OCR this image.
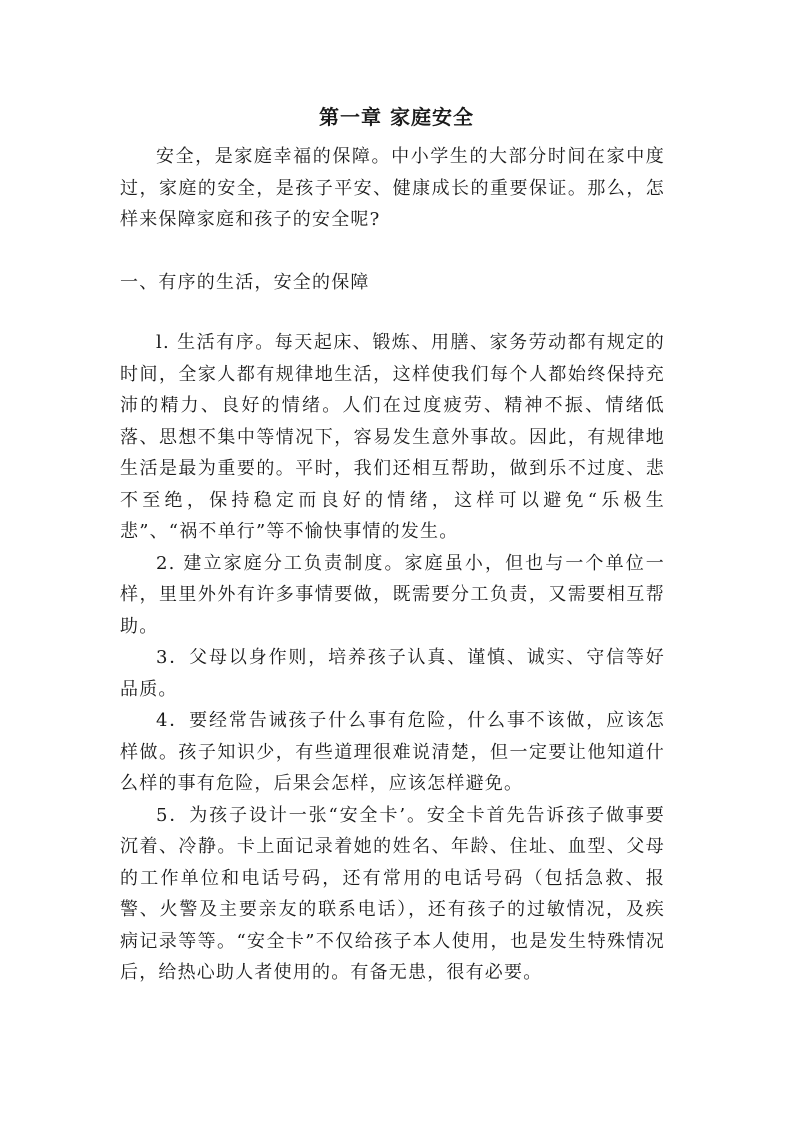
第一章 家庭安全

安全，是家庭幸福的保障。中小学生的大部分时间在家中度过，家庭的安全，是孩子平安、健康成长的重要保证。那么，怎样来保障家庭和孩子的安全呢?

一、有序的生活，安全的保障

l. 生活有序。每天起床、锻炼、用膳、家务劳动都有规定的时间，全家人都有规律地生活，这样使我们每个人都始终保持充沛的精力、良好的情绪。人们在过度疲劳、精神不振、情绪低落、思想不集中等情况下，容易发生意外事故。因此，有规律地生活是最为重要的。平时，我们还相互帮助，做到乐不过度、悲不至绝，保持稳定而良好的情绪，这样可以避免“乐极生悲”、“祸不单行”等不愉快事情的发生。

2. 建立家庭分工负责制度。家庭虽小，但也与一个单位一样，里里外外有许多事情要做，既需要分工负责，又需要相互帮助。

3．父母以身作则，培养孩子认真、谨慎、诚实、守信等好品质。

4．要经常告诫孩子什么事有危险，什么事不该做，应该怎样做。孩子知识少，有些道理很难说清楚，但一定要让他知道什么样的事有危险，后果会怎样，应该怎样避免。

5．为孩子设计一张“安全卡’。安全卡首先告诉孩子做事要沉着、冷静。卡上面记录着她的姓名、年龄、住址、血型、父母的工作单位和电话号码，还有常用的电话号码（包括急救、报警、火警及主要亲友的联系电话），还有孩子的过敏情况，及疾病记录等等。“安全卡”不仅给孩子本人使用，也是发生特殊情况后，给热心助人者使用的。有备无患，很有必要。
